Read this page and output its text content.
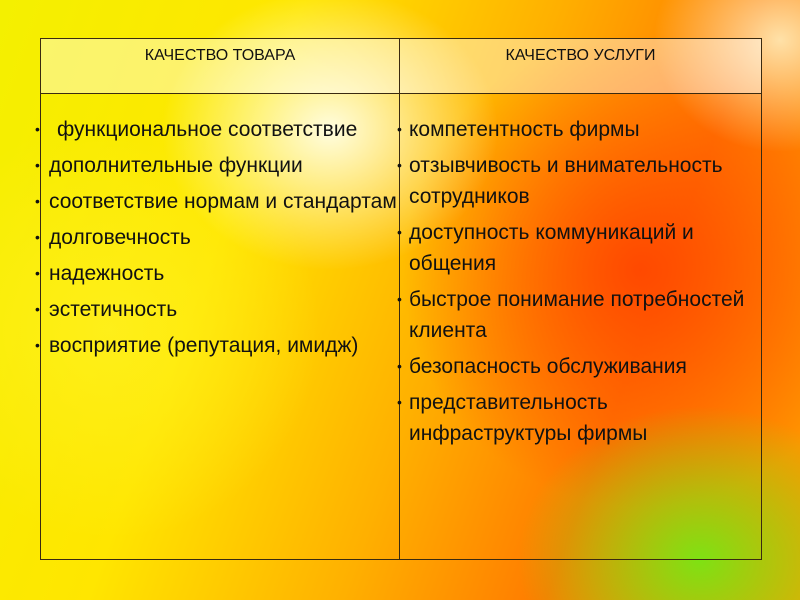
КАЧЕСТВО ТОВАРА	КАЧЕСТВО УСЛУГИ
• функциональное соответствие
• дополнительные функции
• соответствие нормам и стандартам
• долговечность
• надежность
• эстетичность
• восприятие (репутация, имидж)
• компетентность фирмы
• отзывчивость и внимательность сотрудников
• доступность коммуникаций и общения
• быстрое понимание потребностей клиента
• безопасность обслуживания
• представительность инфраструктуры фирмы
